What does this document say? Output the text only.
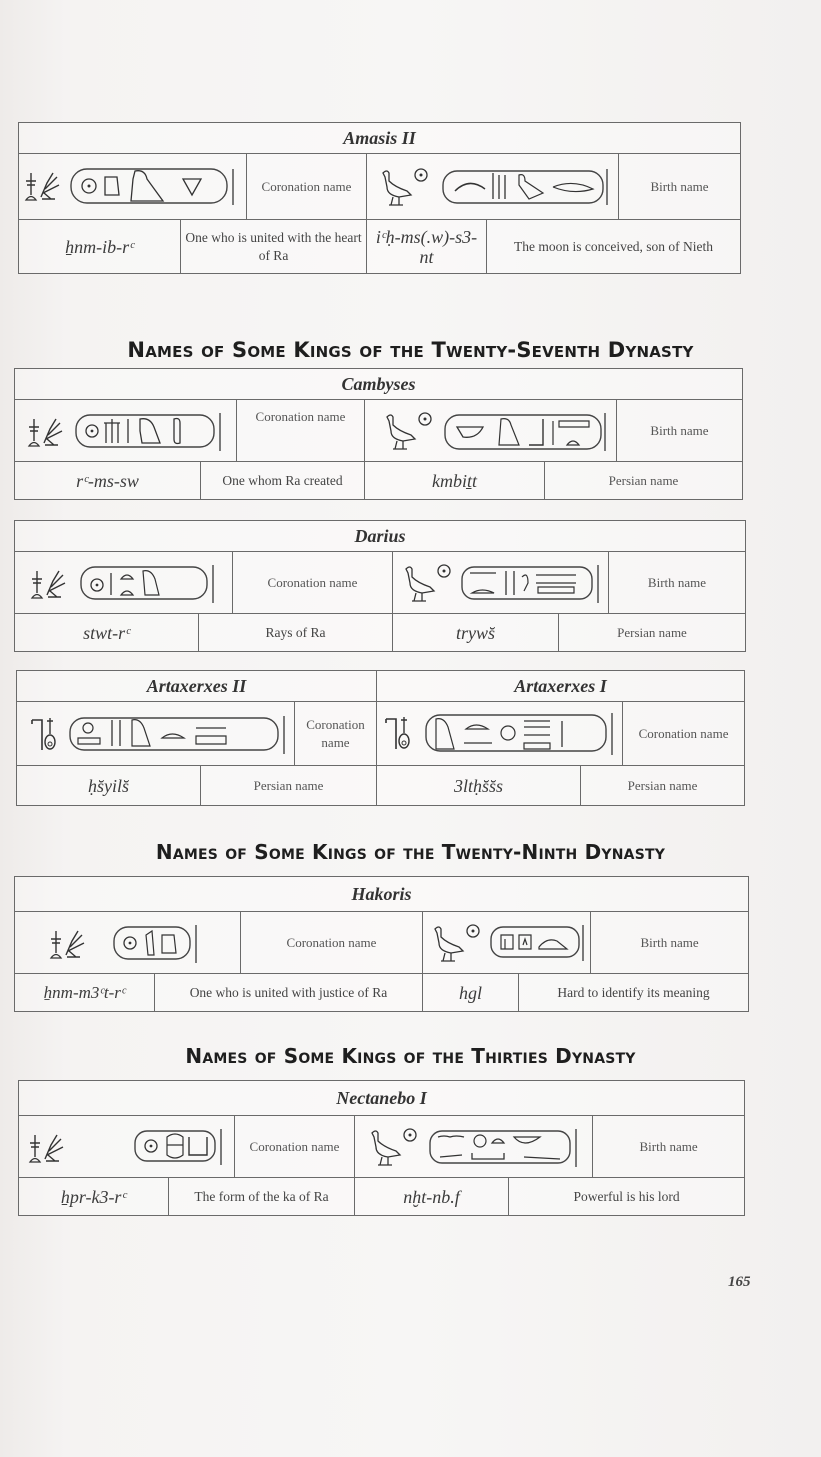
Amasis II					

	Coronation name			Birth name
ẖnm-ib-rᶜ	One who is united with the heart of Ra		iᶜḥ-ms(.w)-s3-nt	The moon is conceived, son of Nieth	
Names of Some Kings of the Twenty-Seventh Dynasty
Cambyses					

	Coronation name			Birth name
rᶜ-ms-sw	One whom Ra created		kmbiṯt	Persian name	
Darius					

	Coronation name			Birth name
stwt-rᶜ	Rays of Ra		tryws̆	Persian name	
Artaxerxes II			Artaxerxes I		

	Coronation name			Coronation name
ḥs̆yils̆	Persian name		3ltḥs̆s̆s	Persian name	
Names of Some Kings of the Twenty-Ninth Dynasty
Hakoris					

	Coronation name			Birth name
ẖnm-m3ᶜt-rᶜ	One who is united with justice of Ra		hgl	Hard to identify its meaning	
Names of Some Kings of the Thirties Dynasty
Nectanebo I					

	Coronation name			Birth name
ẖpr-k3-rᶜ	The form of the ka of Ra		nḫt-nb.f	Powerful is his lord	
165
